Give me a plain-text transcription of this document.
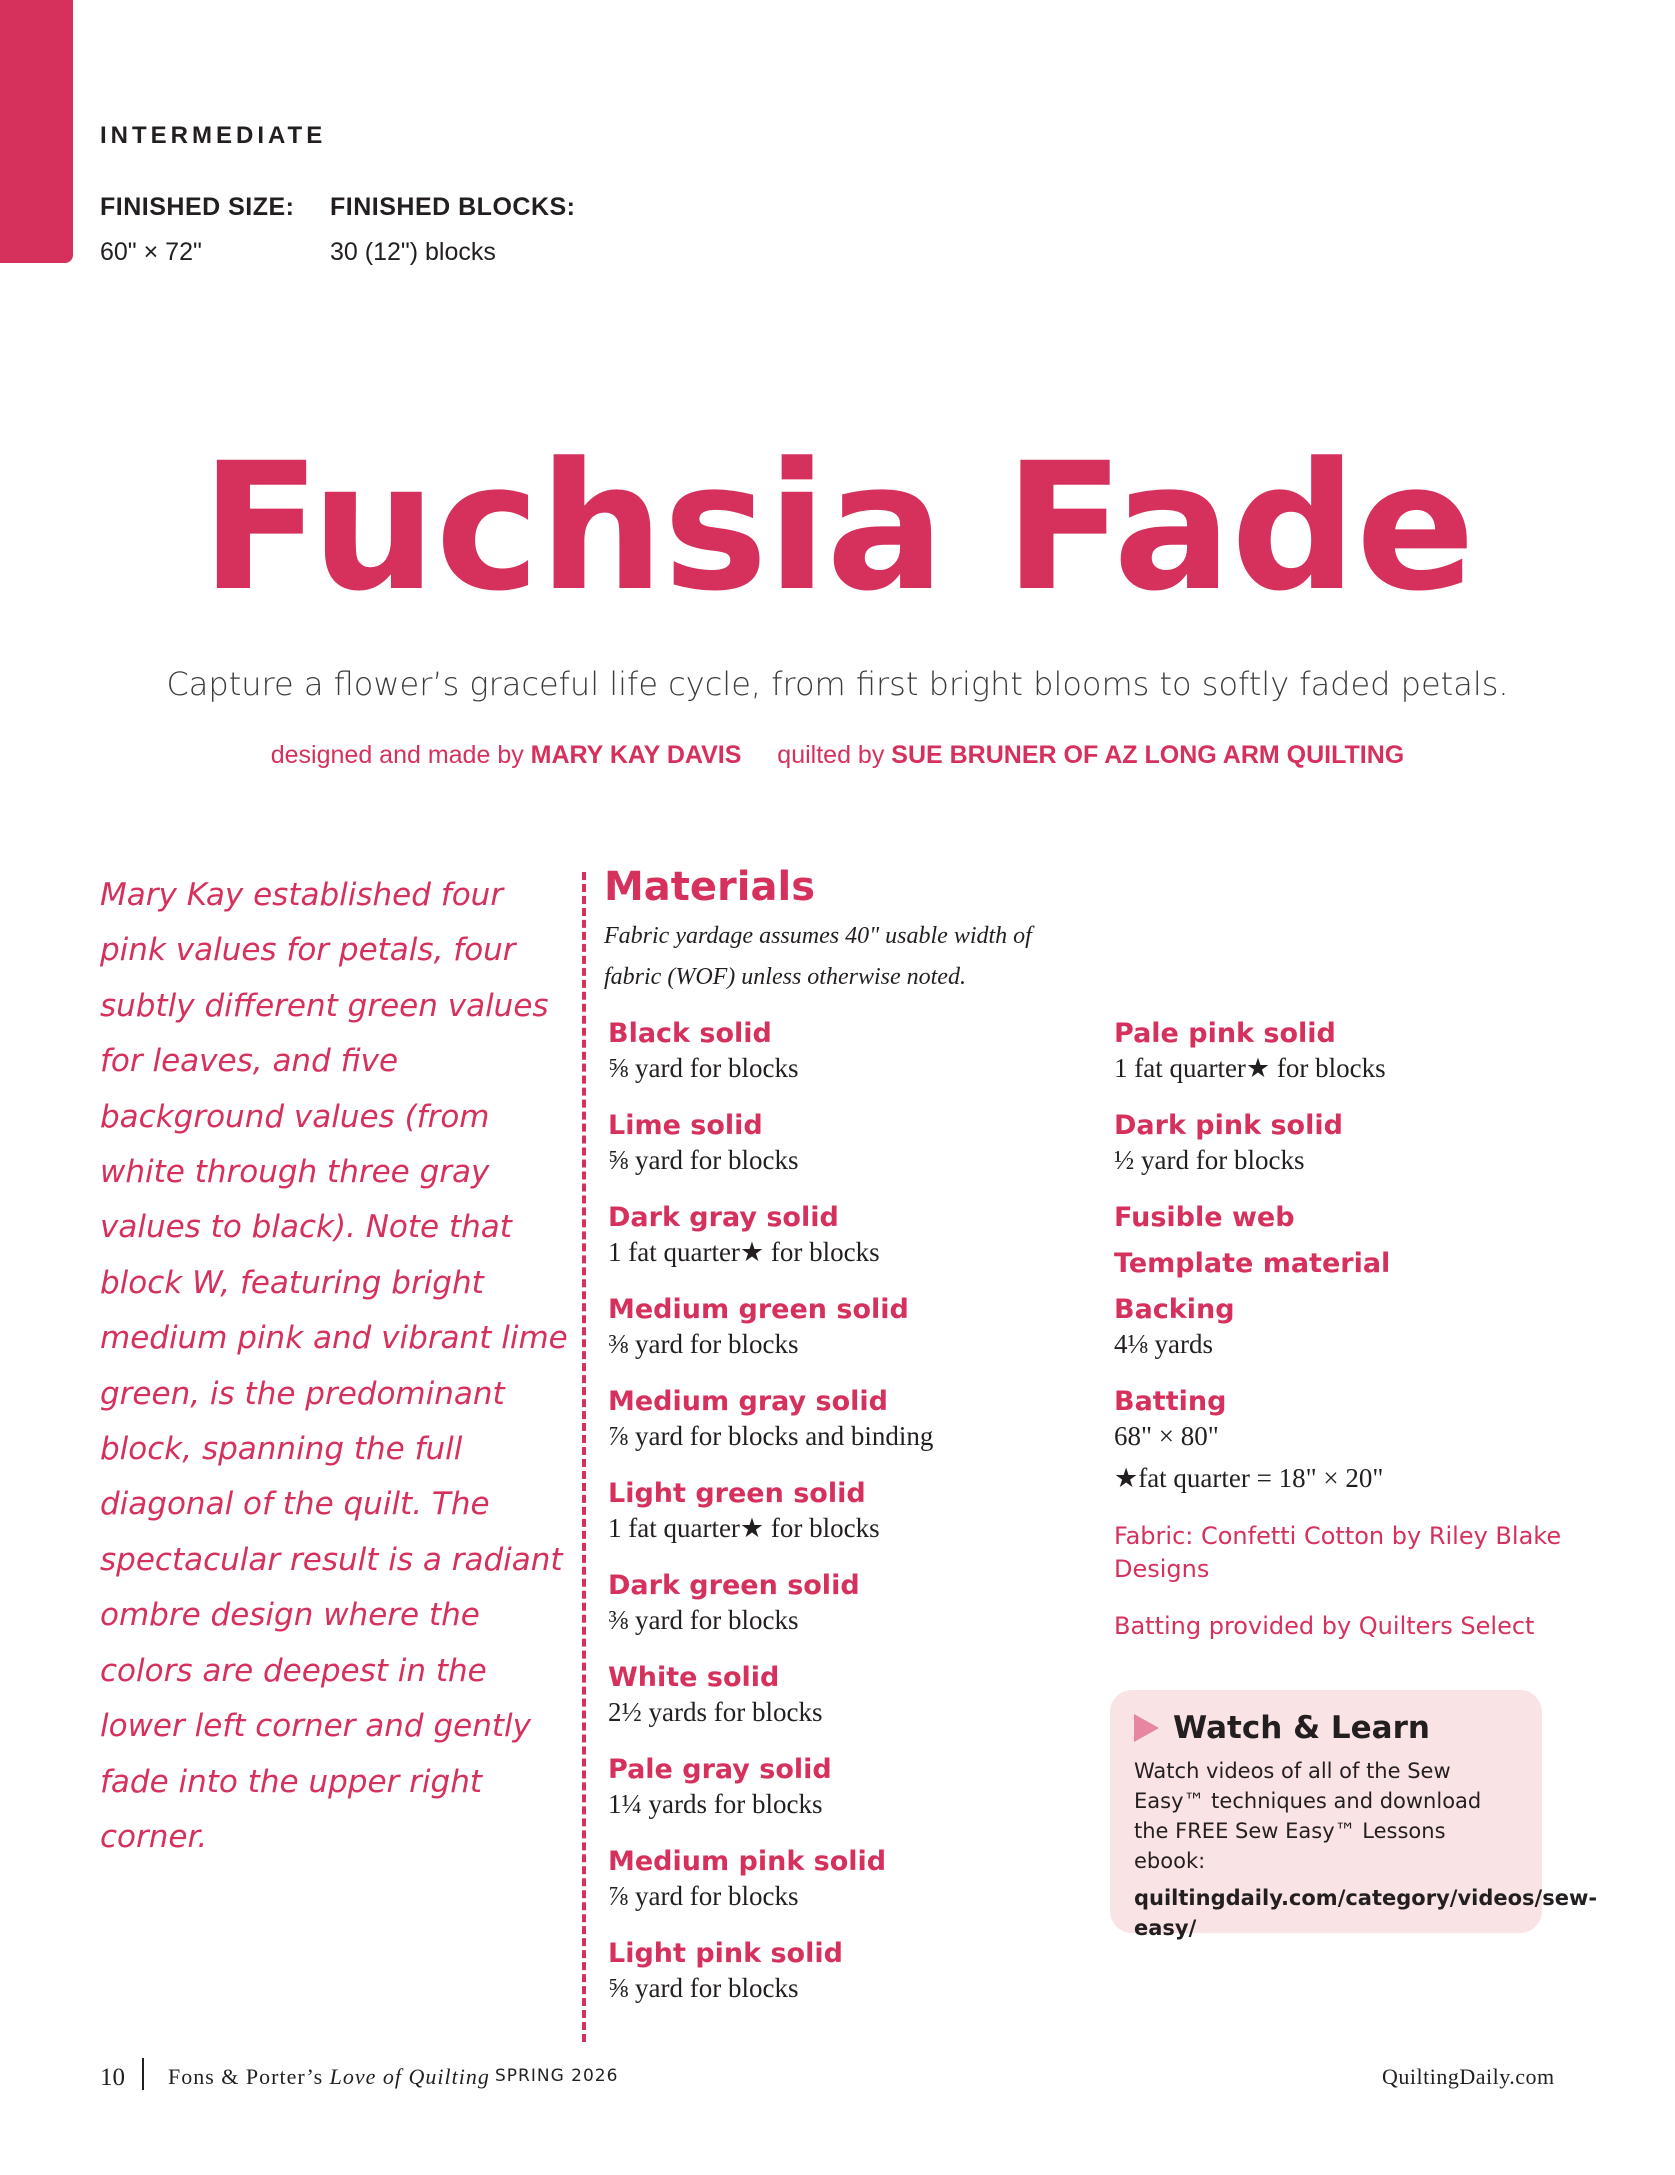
INTERMEDIATE
FINISHED SIZE:
60" × 72"
FINISHED BLOCKS:
30 (12") blocks
Fuchsia Fade
Capture a flower’s graceful life cycle, from first bright blooms to softly faded petals.
designed and made by MARY KAY DAVIS quilted by SUE BRUNER OF AZ LONG ARM QUILTING
Mary Kay established four pink values for petals, four subtly different green values for leaves, and five background values (from white through three gray values to black). Note that block W, featuring bright medium pink and vibrant lime green, is the predominant block, spanning the full diagonal of the quilt. The spectacular result is a radiant ombre design where the colors are deepest in the lower left corner and gently fade into the upper right corner.
Materials
Fabric yardage assumes 40" usable width of fabric (WOF) unless otherwise noted.
Black solid
⅝ yard for blocks
Lime solid
⅝ yard for blocks
Dark gray solid
1 fat quarter★ for blocks
Medium green solid
⅜ yard for blocks
Medium gray solid
⅞ yard for blocks and binding
Light green solid
1 fat quarter★ for blocks
Dark green solid
⅜ yard for blocks
White solid
2½ yards for blocks
Pale gray solid
1¼ yards for blocks
Medium pink solid
⅞ yard for blocks
Light pink solid
⅝ yard for blocks
Pale pink solid
1 fat quarter★ for blocks
Dark pink solid
½ yard for blocks
Fusible web
Template material
Backing
4⅛ yards
Batting
68" × 80"
★fat quarter = 18" × 20"
Fabric: Confetti Cotton by Riley Blake Designs
Batting provided by Quilters Select
Watch & Learn
Watch videos of all of the Sew Easy™ techniques and download the FREE Sew Easy™ Lessons ebook:
quiltingdaily.com/category/videos/sew-easy/
10 Fons & Porter’s Love of Quilting SPRING 2026	QuiltingDaily.com
